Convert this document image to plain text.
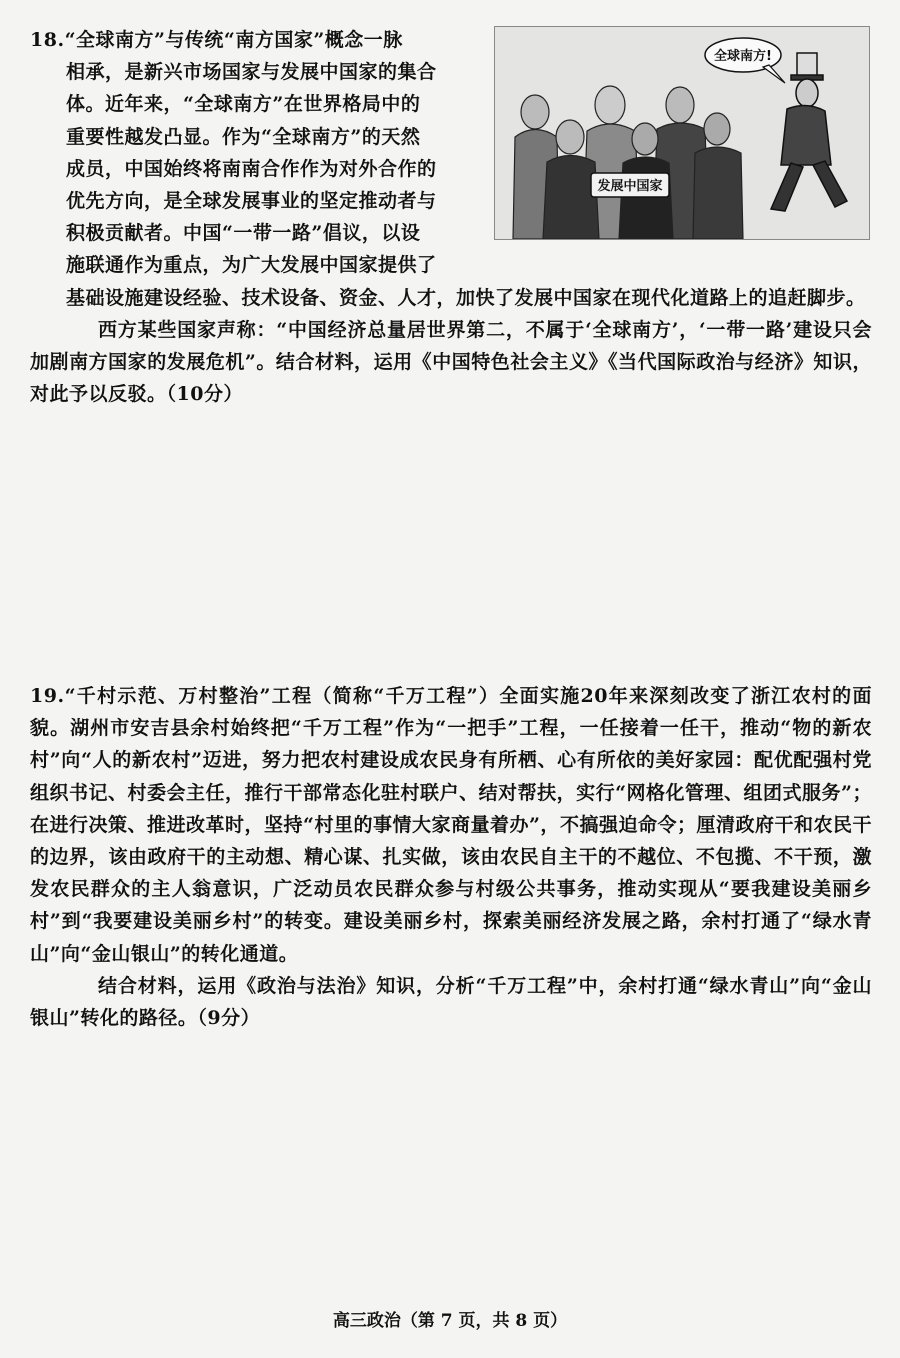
18.“全球南方”与传统“南方国家”概念一脉

相承，是新兴市场国家与发展中国家的集合

体。近年来，“全球南方”在世界格局中的

重要性越发凸显。作为“全球南方”的天然

成员，中国始终将南南合作作为对外合作的

优先方向，是全球发展事业的坚定推动者与

积极贡献者。中国“一带一路”倡议，以设

施联通作为重点，为广大发展中国家提供了

基础设施建设经验、技术设备、资金、人才，加快了发展中国家在现代化道路上的追赶脚步。

西方某些国家声称：“中国经济总量居世界第二，不属于‘全球南方’，‘一带一路’建设只会加剧南方国家的发展危机”。结合材料，运用《中国特色社会主义》《当代国际政治与经济》知识，对此予以反驳。（10分）

发展中国家
全球南方!

19.“千村示范、万村整治”工程（简称“千万工程”）全面实施20年来深刻改变了浙江农村的面貌。湖州市安吉县余村始终把“千万工程”作为“一把手”工程，一任接着一任干，推动“物的新农村”向“人的新农村”迈进，努力把农村建设成农民身有所栖、心有所依的美好家园：配优配强村党组织书记、村委会主任，推行干部常态化驻村联户、结对帮扶，实行“网格化管理、组团式服务”；在进行决策、推进改革时，坚持“村里的事情大家商量着办”，不搞强迫命令；厘清政府干和农民干的边界，该由政府干的主动想、精心谋、扎实做，该由农民自主干的不越位、不包揽、不干预，激发农民群众的主人翁意识，广泛动员农民群众参与村级公共事务，推动实现从“要我建设美丽乡村”到“我要建设美丽乡村”的转变。建设美丽乡村，探索美丽经济发展之路，余村打通了“绿水青山”向“金山银山”的转化通道。

结合材料，运用《政治与法治》知识，分析“千万工程”中，余村打通“绿水青山”向“金山银山”转化的路径。（9分）

高三政治（第 7 页，共 8 页）
